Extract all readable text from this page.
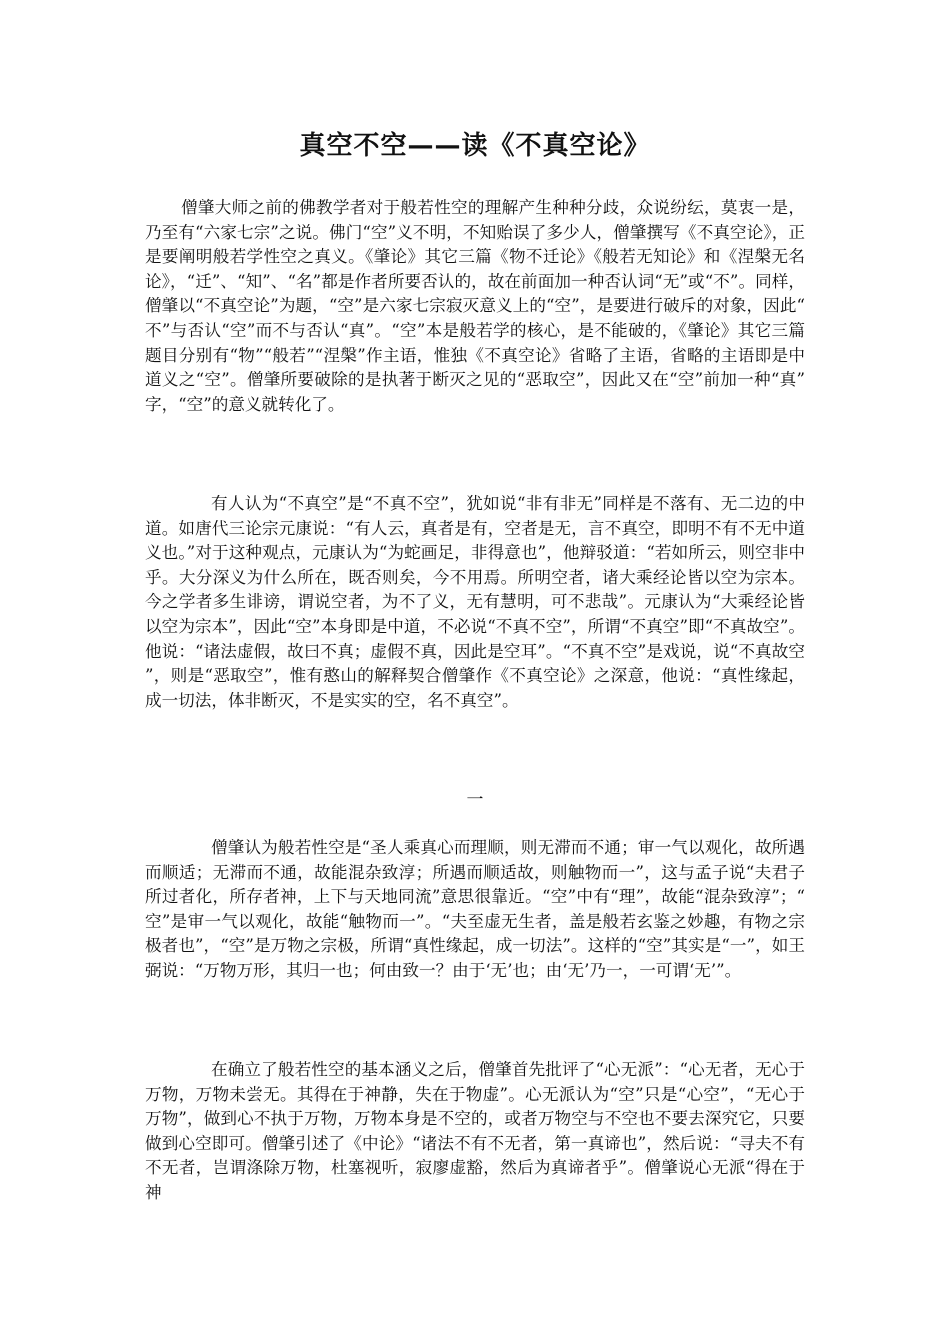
真空不空——读《不真空论》

僧肇大师之前的佛教学者对于般若性空的理解产生种种分歧，众说纷纭，莫衷一是，乃至有“六家七宗”之说。佛门“空”义不明，不知贻误了多少人，僧肇撰写《不真空论》，正是要阐明般若学性空之真义。《肇论》其它三篇《物不迁论》《般若无知论》和《涅槃无名论》，“迁”、“知”、“名”都是作者所要否认的，故在前面加一种否认词“无”或“不”。同样，僧肇以“不真空论”为题，“空”是六家七宗寂灭意义上的“空”，是要进行破斥的对象，因此“不”与否认“空”而不与否认“真”。“空”本是般若学的核心，是不能破的，《肇论》其它三篇题目分别有“物”“般若”“涅槃”作主语，惟独《不真空论》省略了主语，省略的主语即是中道义之“空”。僧肇所要破除的是执著于断灭之见的“恶取空”，因此又在“空”前加一种“真”字，“空”的意义就转化了。

有人认为“不真空”是“不真不空”，犹如说“非有非无”同样是不落有、无二边的中道。如唐代三论宗元康说：“有人云，真者是有，空者是无，言不真空，即明不有不无中道义也。”对于这种观点，元康认为“为蛇画足，非得意也”，他辩驳道：“若如所云，则空非中乎。大分深义为什么所在，既否则矣，今不用焉。所明空者，诸大乘经论皆以空为宗本。今之学者多生诽谤，谓说空者，为不了义，无有慧明，可不悲哉”。元康认为“大乘经论皆以空为宗本”，因此“空”本身即是中道，不必说“不真不空”，所谓“不真空”即“不真故空”。他说：“诸法虚假，故曰不真；虚假不真，因此是空耳”。“不真不空”是戏说，说“不真故空”，则是“恶取空”，惟有憨山的解释契合僧肇作《不真空论》之深意，他说：“真性缘起，成一切法，体非断灭，不是实实的空，名不真空”。

一

僧肇认为般若性空是“圣人乘真心而理顺，则无滞而不通；审一气以观化，故所遇而顺适；无滞而不通，故能混杂致淳；所遇而顺适故，则触物而一”，这与孟子说“夫君子所过者化，所存者神，上下与天地同流”意思很靠近。“空”中有“理”，故能“混杂致淳”；“空”是审一气以观化，故能“触物而一”。“夫至虚无生者，盖是般若玄鉴之妙趣，有物之宗极者也”，“空”是万物之宗极，所谓“真性缘起，成一切法”。这样的“空”其实是“一”，如王弼说：“万物万形，其归一也；何由致一？由于‘无’也；由‘无’乃一，一可谓‘无’”。

在确立了般若性空的基本涵义之后，僧肇首先批评了“心无派”：“心无者，无心于万物，万物未尝无。其得在于神静，失在于物虚”。心无派认为“空”只是“心空”，“无心于万物”，做到心不执于万物，万物本身是不空的，或者万物空与不空也不要去深究它，只要做到心空即可。僧肇引述了《中论》“诸法不有不无者，第一真谛也”，然后说：“寻夫不有不无者，岂谓涤除万物，杜塞视听，寂廖虚豁，然后为真谛者乎”。僧肇说心无派“得在于神
